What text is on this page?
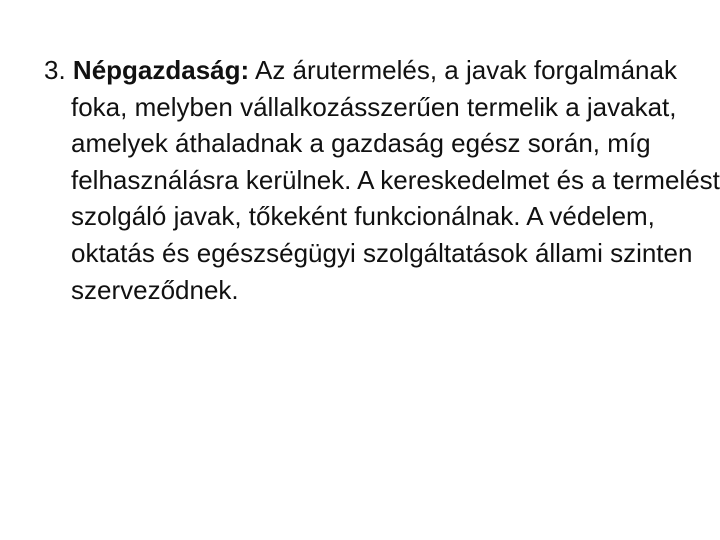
3. Népgazdaság: Az árutermelés, a javak forgalmának foka, melyben vállalkozásszerűen termelik a javakat, amelyek áthaladnak a gazdaság egész során, míg felhasználásra kerülnek. A kereskedelmet és a termelést szolgáló javak, tőkeként funkcionálnak. A védelem, oktatás és egészségügyi szolgáltatások állami szinten szerveződnek.
